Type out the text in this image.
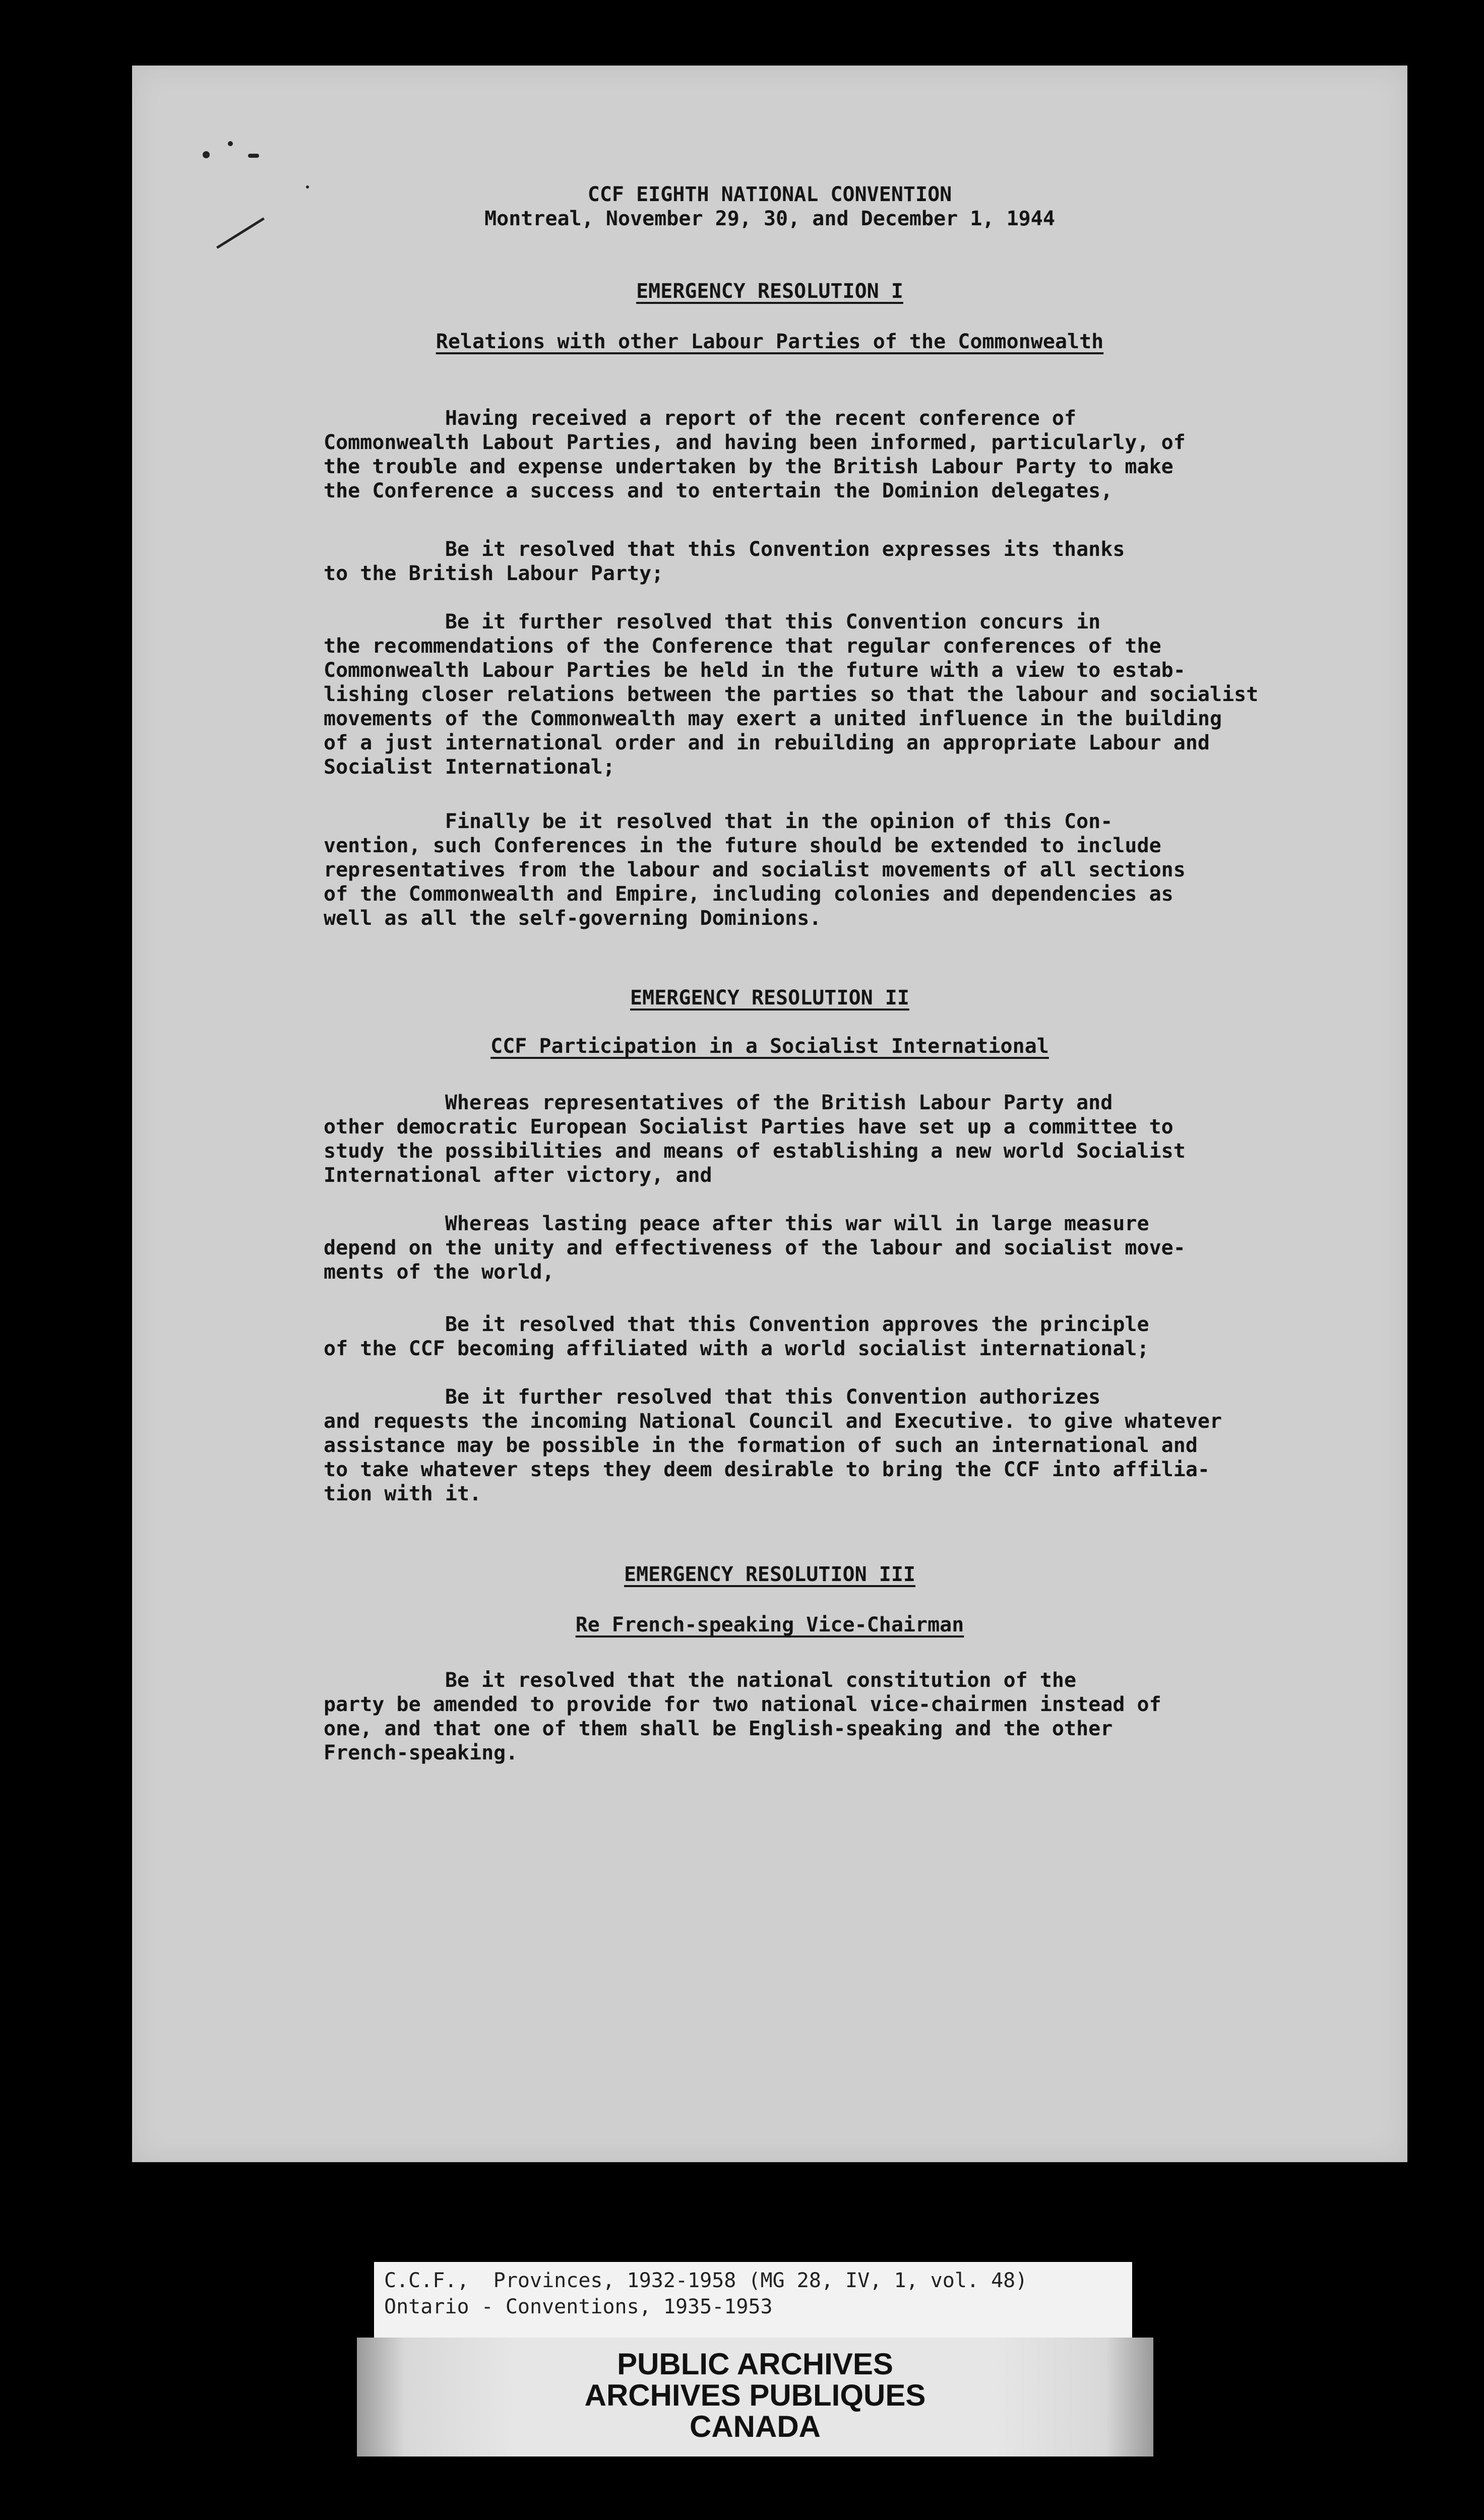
CCF EIGHTH NATIONAL CONVENTION

Montreal, November 29, 30, and December 1, 1944

EMERGENCY RESOLUTION I

Relations with other Labour Parties of the Commonwealth

Having received a report of the recent conference of
Commonwealth Labout Parties, and having been informed, particularly, of
the trouble and expense undertaken by the British Labour Party to make
the Conference a success and to entertain the Dominion delegates,

Be it resolved that this Convention expresses its thanks
to the British Labour Party;

Be it further resolved that this Convention concurs in
the recommendations of the Conference that regular conferences of the
Commonwealth Labour Parties be held in the future with a view to estab-
lishing closer relations between the parties so that the labour and socialist
movements of the Commonwealth may exert a united influence in the building
of a just international order and in rebuilding an appropriate Labour and
Socialist International;

Finally be it resolved that in the opinion of this Con-
vention, such Conferences in the future should be extended to include
representatives from the labour and socialist movements of all sections
of the Commonwealth and Empire, including colonies and dependencies as
well as all the self-governing Dominions.

EMERGENCY RESOLUTION II

CCF Participation in a Socialist International

Whereas representatives of the British Labour Party and
other democratic European Socialist Parties have set up a committee to
study the possibilities and means of establishing a new world Socialist
International after victory, and

Whereas lasting peace after this war will in large measure
depend on the unity and effectiveness of the labour and socialist move-
ments of the world,

Be it resolved that this Convention approves the principle
of the CCF becoming affiliated with a world socialist international;

Be it further resolved that this Convention authorizes
and requests the incoming National Council and Executive. to give whatever
assistance may be possible in the formation of such an international and
to take whatever steps they deem desirable to bring the CCF into affilia-
tion with it.

EMERGENCY RESOLUTION III

Re French-speaking Vice-Chairman

Be it resolved that the national constitution of the
party be amended to provide for two national vice-chairmen instead of
one, and that one of them shall be English-speaking and the other
French-speaking.

C.C.F.,  Provinces, 1932-1958 (MG 28, IV, 1, vol. 48)
Ontario - Conventions, 1935-1953
PUBLIC ARCHIVES
ARCHIVES PUBLIQUES
CANADA
